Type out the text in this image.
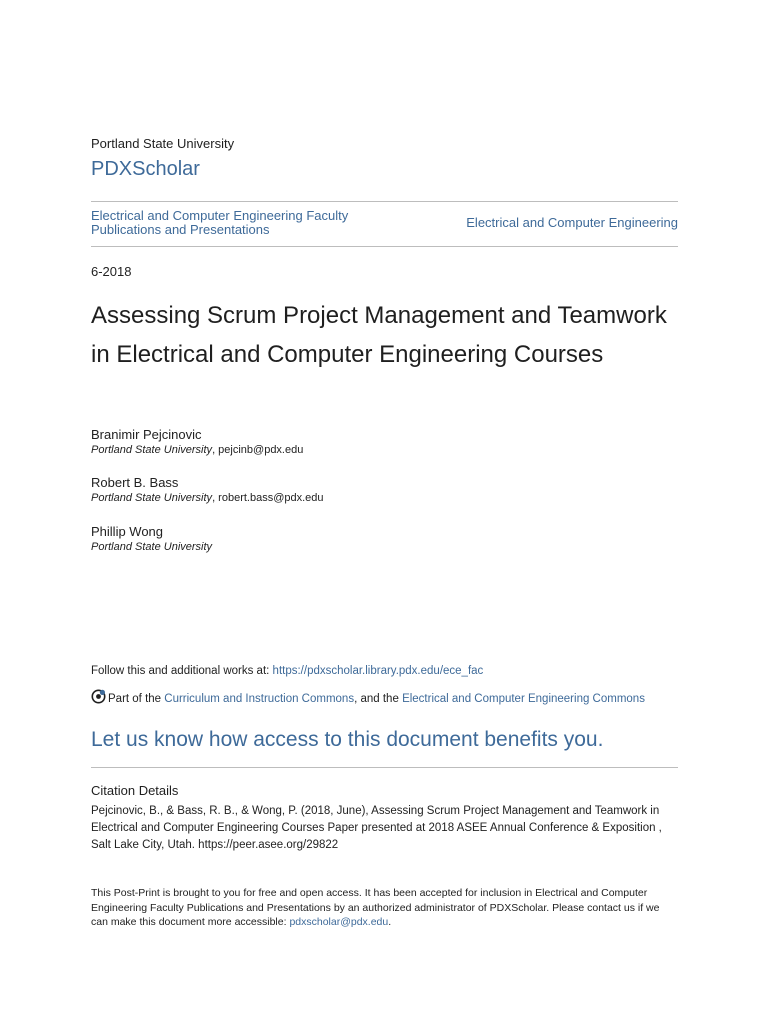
Portland State University
PDXScholar
Electrical and Computer Engineering Faculty Publications and Presentations	Electrical and Computer Engineering
6-2018
Assessing Scrum Project Management and Teamwork in Electrical and Computer Engineering Courses
Branimir Pejcinovic
Portland State University, pejcinb@pdx.edu
Robert B. Bass
Portland State University, robert.bass@pdx.edu
Phillip Wong
Portland State University
Follow this and additional works at: https://pdxscholar.library.pdx.edu/ece_fac
Part of the Curriculum and Instruction Commons, and the Electrical and Computer Engineering Commons
Let us know how access to this document benefits you.
Citation Details
Pejcinovic, B., & Bass, R. B., & Wong, P. (2018, June), Assessing Scrum Project Management and Teamwork in Electrical and Computer Engineering Courses Paper presented at 2018 ASEE Annual Conference & Exposition , Salt Lake City, Utah. https://peer.asee.org/29822
This Post-Print is brought to you for free and open access. It has been accepted for inclusion in Electrical and Computer Engineering Faculty Publications and Presentations by an authorized administrator of PDXScholar. Please contact us if we can make this document more accessible: pdxscholar@pdx.edu.
